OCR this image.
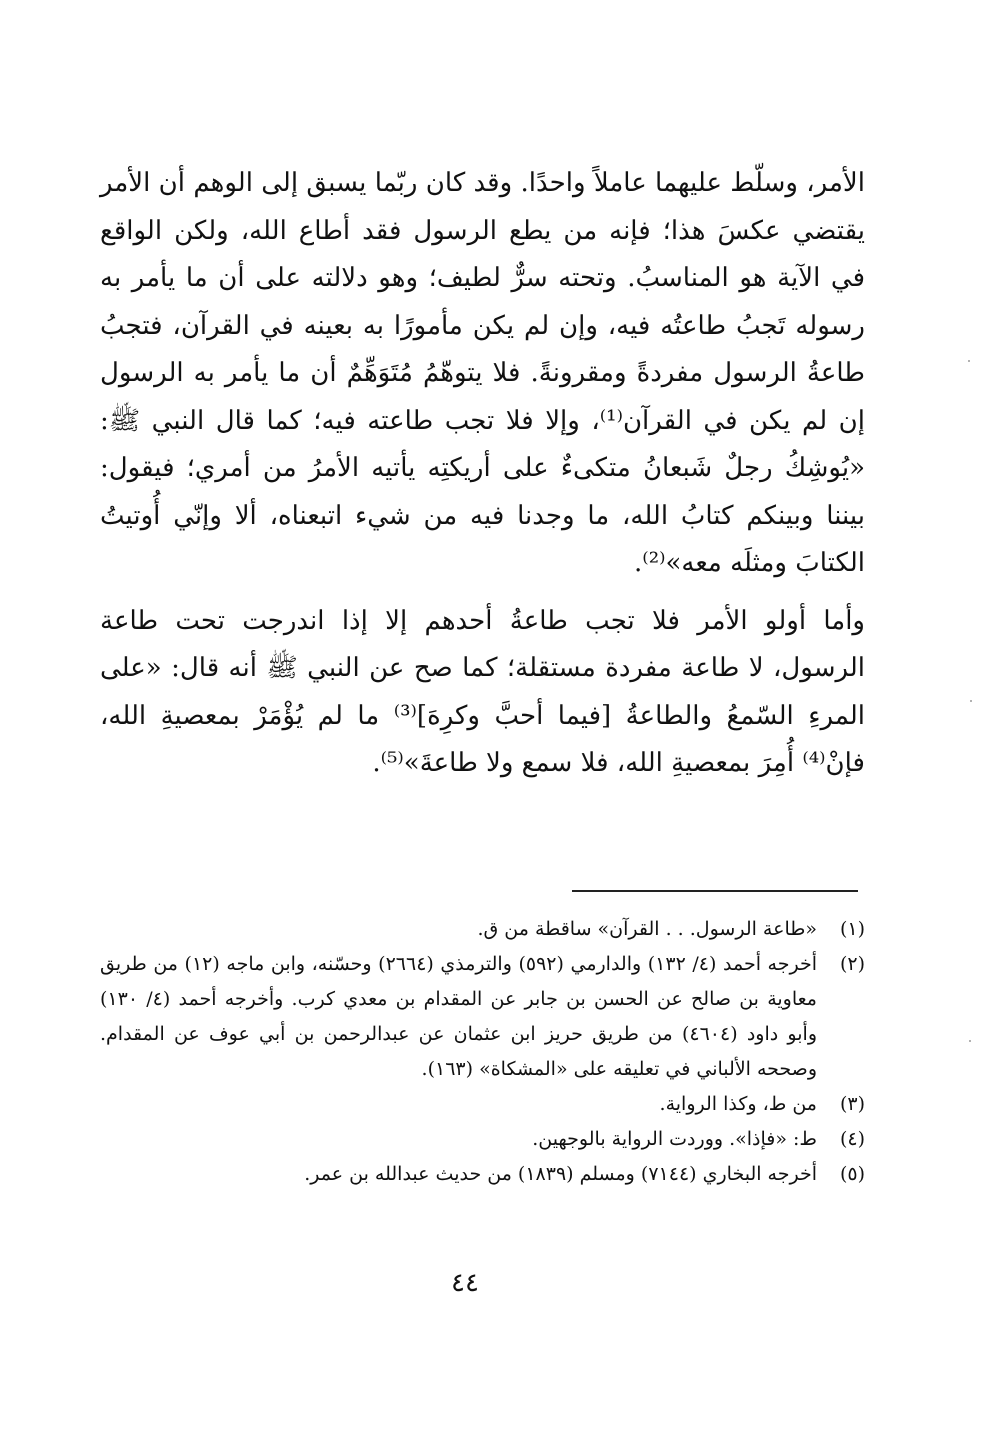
الأمر، وسلّط عليهما عاملاً واحدًا. وقد كان ربّما يسبق إلى الوهم أن الأمر يقتضي عكسَ هذا؛ فإنه من يطع الرسول فقد أطاع الله، ولكن الواقع في الآية هو المناسبُ. وتحته سرٌّ لطيف؛ وهو دلالته على أن ما يأمر به رسوله تَجبُ طاعتُه فيه، وإن لم يكن مأمورًا به بعينه في القرآن، فتجبُ طاعةُ الرسول مفردةً ومقرونةً. فلا يتوهّمُ مُتَوَهِّمٌ أن ما يأمر به الرسول إن لم يكن في القرآن⁽¹⁾، وإلا فلا تجب طاعته فيه؛ كما قال النبي ﷺ: «يُوشِكُ رجلٌ شَبعانُ متكىءٌ على أريكتِه يأتيه الأمرُ من أمري؛ فيقول: بيننا وبينكم كتابُ الله، ما وجدنا فيه من شيء اتبعناه، ألا وإنّي أُوتيتُ الكتابَ ومثلَه معه»⁽²⁾.

وأما أولو الأمر فلا تجب طاعةُ أحدهم إلا إذا اندرجت تحت طاعة الرسول، لا طاعة مفردة مستقلة؛ كما صح عن النبي ﷺ أنه قال: «على المرءِ السّمعُ والطاعةُ [فيما أحبَّ وكرِهَ]⁽³⁾ ما لم يُؤْمَرْ بمعصيةِ الله، فإنْ⁽⁴⁾ أُمِرَ بمعصيةِ الله، فلا سمع ولا طاعةَ»⁽⁵⁾.

(١)
«طاعة الرسول. . . القرآن» ساقطة من ق.
(٢)
أخرجه أحمد (٤/ ١٣٢) والدارمي (٥٩٢) والترمذي (٢٦٦٤) وحسّنه، وابن ماجه (١٢) من طريق معاوية بن صالح عن الحسن بن جابر عن المقدام بن معدي كرب. وأخرجه أحمد (٤/ ١٣٠) وأبو داود (٤٦٠٤) من طريق حريز ابن عثمان عن عبدالرحمن بن أبي عوف عن المقدام. وصححه الألباني في تعليقه على «المشكاة» (١٦٣).
(٣)
من ط، وكذا الرواية.
(٤)
ط: «فإذا». ووردت الرواية بالوجهين.
(٥)
أخرجه البخاري (٧١٤٤) ومسلم (١٨٣٩) من حديث عبدالله بن عمر.
٤٤
